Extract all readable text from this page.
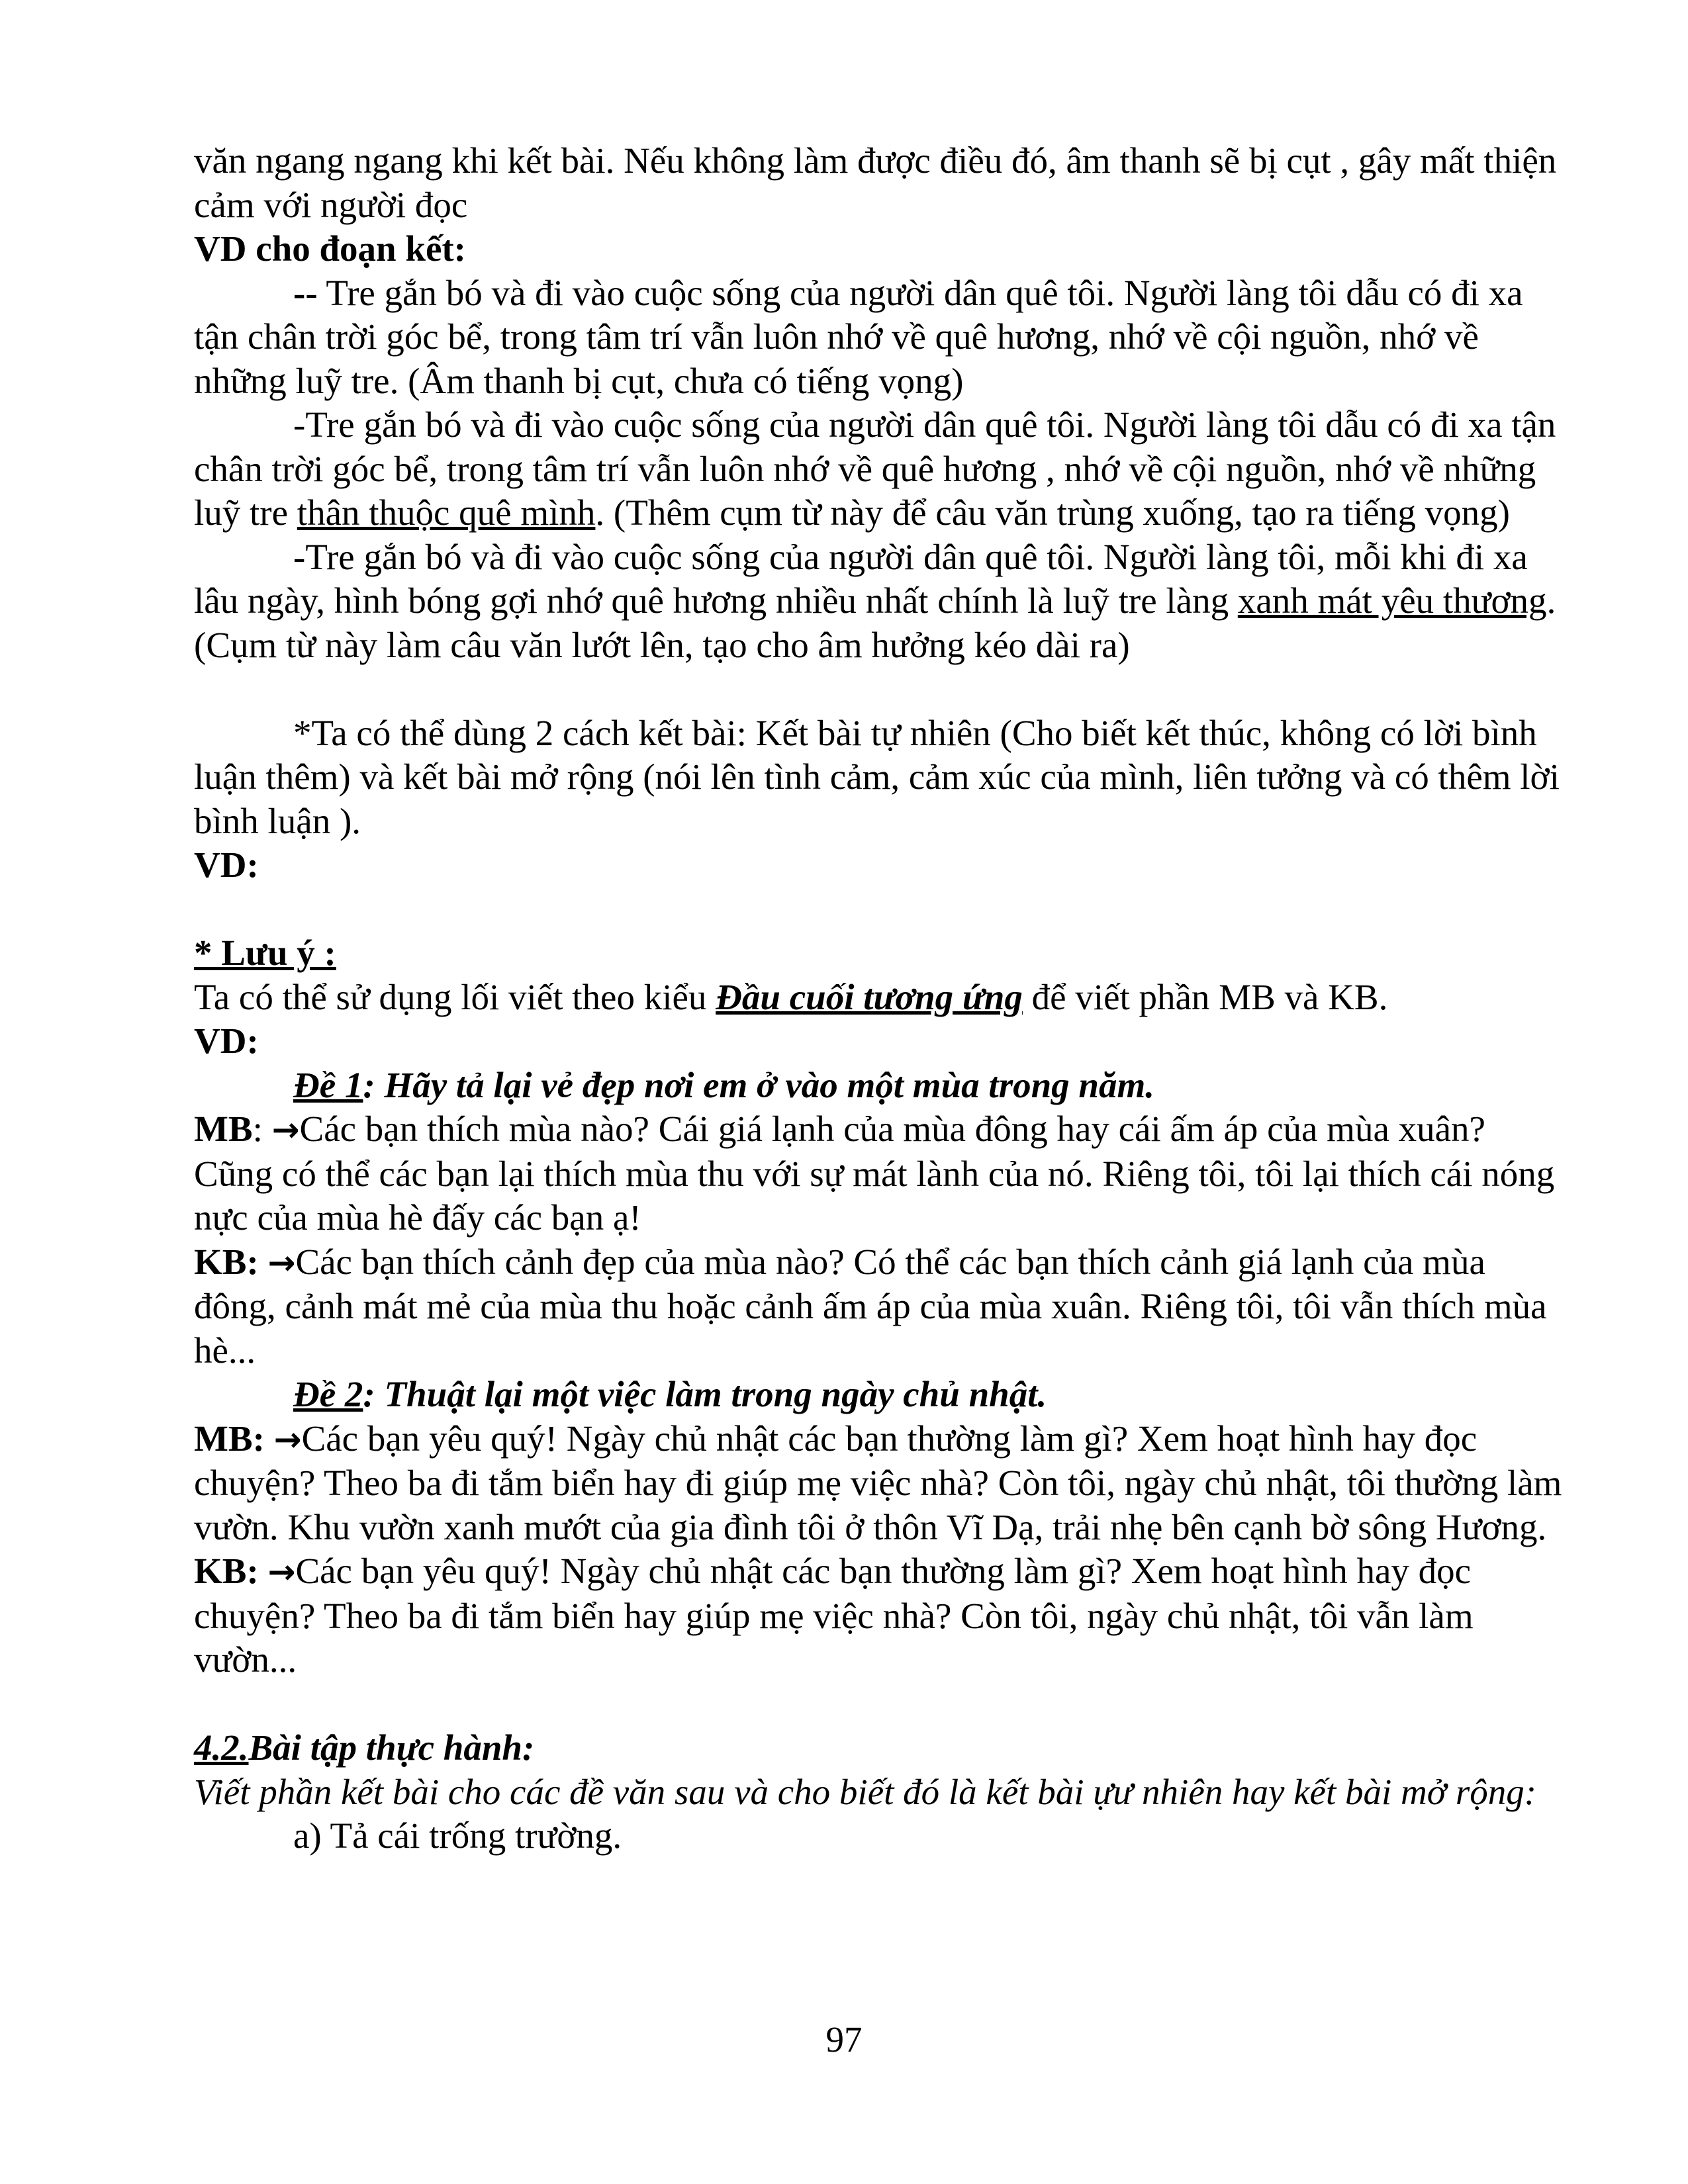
văn ngang ngang khi kết bài. Nếu không làm được điều đó, âm thanh sẽ bị cụt , gây mất thiện cảm với người đọc

VD cho đoạn kết:

-- Tre gắn bó và đi vào cuộc sống của người dân quê tôi. Người làng tôi dẫu có đi xa tận chân trời góc bể, trong tâm trí vẫn luôn nhớ về quê hương, nhớ về cội nguồn, nhớ về những luỹ tre. (Âm thanh bị cụt, chưa có tiếng vọng)

-Tre gắn bó và đi vào cuộc sống của người dân quê tôi. Người làng tôi dẫu có đi xa tận chân trời góc bể, trong tâm trí vẫn luôn nhớ về quê hương , nhớ về cội nguồn, nhớ về những luỹ tre thân thuộc quê mình. (Thêm cụm từ này để câu văn trùng xuống, tạo ra tiếng vọng)

-Tre gắn bó và đi vào cuộc sống của người dân quê tôi. Người làng tôi, mỗi khi đi xa lâu ngày, hình bóng gợi nhớ quê hương nhiều nhất chính là luỹ tre làng xanh mát yêu thương. (Cụm từ này làm câu văn lướt lên, tạo cho âm hưởng kéo dài ra)

*Ta có thể dùng 2 cách kết bài: Kết bài tự nhiên (Cho biết kết thúc, không có lời bình luận thêm) và kết bài mở rộng (nói lên tình cảm, cảm xúc của mình, liên tưởng và có thêm lời bình luận ).

VD:

* Lưu ý :

Ta có thể sử dụng lối viết theo kiểu Đầu cuối tương ứng để viết phần MB và KB.

VD:

Đề 1: Hãy tả lại vẻ đẹp nơi em ở vào một mùa trong năm.

MB: →Các bạn thích mùa nào? Cái giá lạnh của mùa đông hay cái ấm áp của mùa xuân? Cũng có thể các bạn lại thích mùa thu với sự mát lành của nó. Riêng tôi, tôi lại thích cái nóng nực của mùa hè đấy các bạn ạ!

KB: →Các bạn thích cảnh đẹp của mùa nào? Có thể các bạn thích cảnh giá lạnh của mùa đông, cảnh mát mẻ của mùa thu hoặc cảnh ấm áp của mùa xuân. Riêng tôi, tôi vẫn thích mùa hè...

Đề 2: Thuật lại một việc làm trong ngày chủ nhật.

MB: →Các bạn yêu quý! Ngày chủ nhật các bạn thường làm gì? Xem hoạt hình hay đọc chuyện? Theo ba đi tắm biển hay đi giúp mẹ việc nhà? Còn tôi, ngày chủ nhật, tôi thường làm vườn. Khu vườn xanh mướt của gia đình tôi ở thôn Vĩ Dạ, trải nhẹ bên cạnh bờ sông Hương.

KB: →Các bạn yêu quý! Ngày chủ nhật các bạn thường làm gì? Xem hoạt hình hay đọc chuyện? Theo ba đi tắm biển hay giúp mẹ việc nhà? Còn tôi, ngày chủ nhật, tôi vẫn làm vườn...

4.2.Bài tập thực hành:

Viết phần kết bài cho các đề văn sau và cho biết đó là kết bài ựư nhiên hay kết bài mở rộng:

a) Tả cái trống trường.

97
